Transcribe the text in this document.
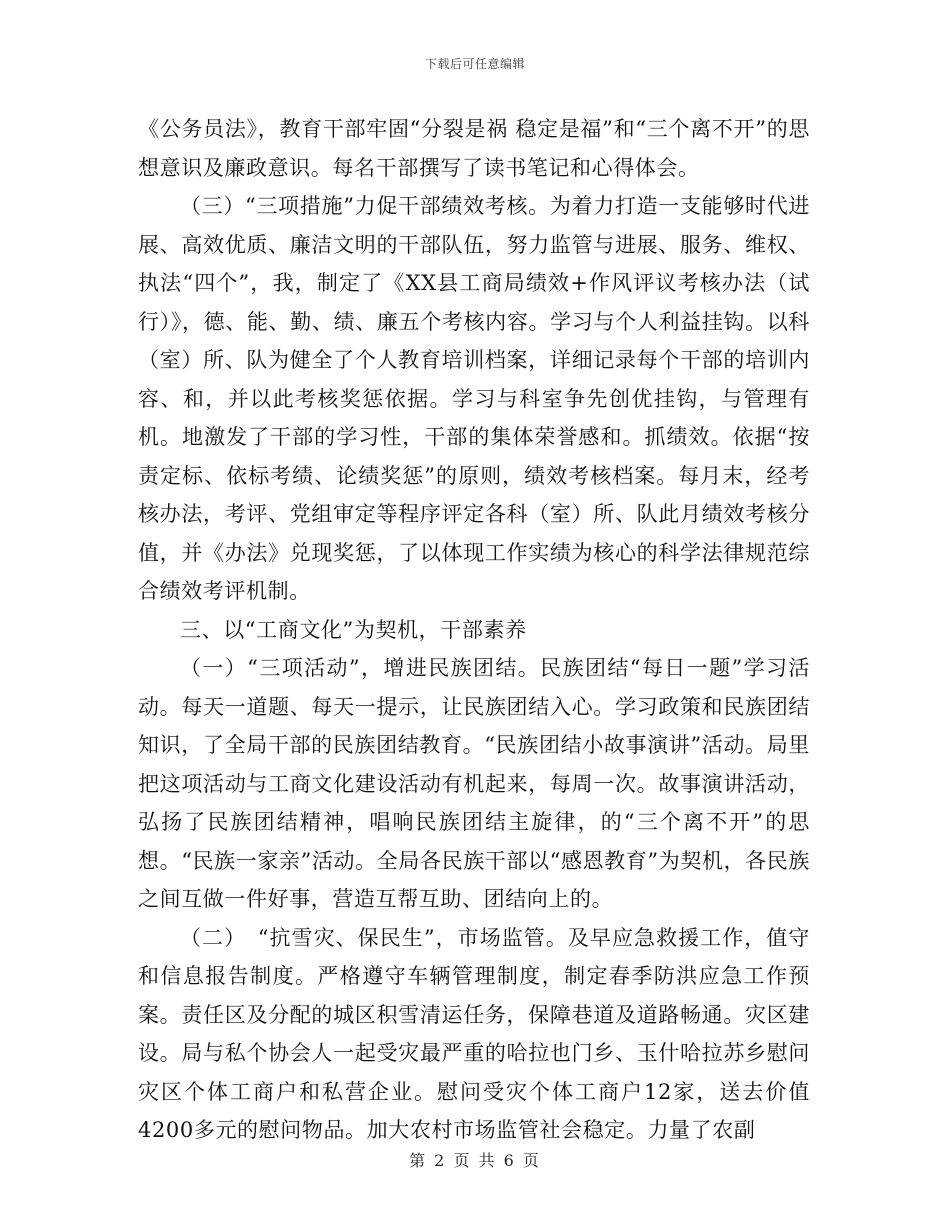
下载后可任意编辑

《公务员法》，教育干部牢固“分裂是祸 稳定是福”和“三个离不开”的思想意识及廉政意识。每名干部撰写了读书笔记和心得体会。

（三）“三项措施”力促干部绩效考核。为着力打造一支能够时代进展、高效优质、廉洁文明的干部队伍，努力监管与进展、服务、维权、执法“四个”，我，制定了《XX县工商局绩效+作风评议考核办法（试行）》，德、能、勤、绩、廉五个考核内容。学习与个人利益挂钩。以科（室）所、队为健全了个人教育培训档案，详细记录每个干部的培训内容、和，并以此考核奖惩依据。学习与科室争先创优挂钩，与管理有机。地激发了干部的学习性，干部的集体荣誉感和。抓绩效。依据“按责定标、依标考绩、论绩奖惩”的原则，绩效考核档案。每月末，经考核办法，考评、党组审定等程序评定各科（室）所、队此月绩效考核分值，并《办法》兑现奖惩，了以体现工作实绩为核心的科学法律规范综合绩效考评机制。

三、以“工商文化”为契机，干部素养

（一）“三项活动”，增进民族团结。民族团结“每日一题”学习活动。每天一道题、每天一提示，让民族团结入心。学习政策和民族团结知识，了全局干部的民族团结教育。“民族团结小故事演讲”活动。局里把这项活动与工商文化建设活动有机起来，每周一次。故事演讲活动，弘扬了民族团结精神，唱响民族团结主旋律，的“三个离不开”的思想。“民族一家亲”活动。全局各民族干部以“感恩教育”为契机，各民族之间互做一件好事，营造互帮互助、团结向上的。

（二）　“抗雪灾、保民生”，市场监管。及早应急救援工作，值守和信息报告制度。严格遵守车辆管理制度，制定春季防洪应急工作预案。责任区及分配的城区积雪清运任务，保障巷道及道路畅通。灾区建设。局与私个协会人一起受灾最严重的哈拉也门乡、玉什哈拉苏乡慰问灾区个体工商户和私营企业。慰问受灾个体工商户12家，送去价值4200多元的慰问物品。加大农村市场监管社会稳定。力量了农副

第 2 页 共 6 页
